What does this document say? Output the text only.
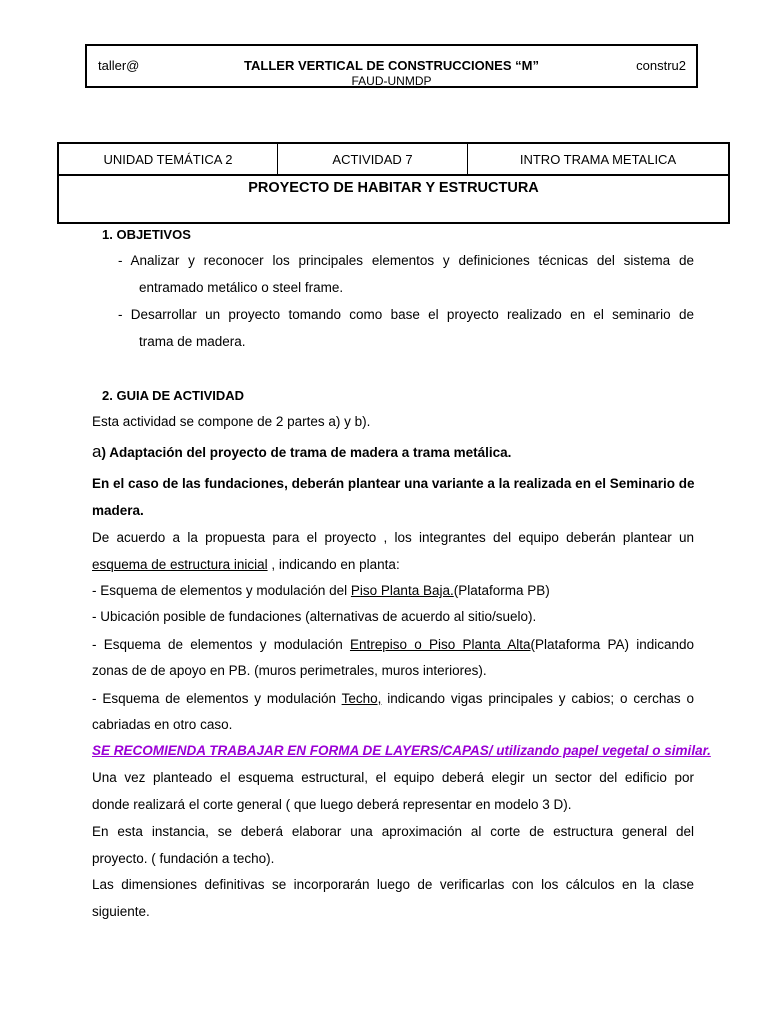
taller@	TALLER VERTICAL DE CONSTRUCCIONES “M”
FAUD-UNMDP
constru2
UNIDAD TEMÁTICA 2	ACTIVIDAD 7	INTRO TRAMA METALICA
PROYECTO DE HABITAR Y ESTRUCTURA
1. OBJETIVOS
- Analizar y reconocer los principales elementos y definiciones técnicas del sistema de
entramado metálico o steel frame.
- Desarrollar un proyecto tomando como base el proyecto realizado en el seminario de
trama de madera.
2. GUIA DE ACTIVIDAD
Esta actividad se compone de 2 partes a) y b).
a) Adaptación del proyecto de trama de madera a trama metálica.
En el caso de las fundaciones, deberán plantear una variante a la realizada en el Seminario de
madera.
De acuerdo a la propuesta para el proyecto , los integrantes del equipo deberán plantear un
esquema de estructura inicial , indicando en planta:
- Esquema de elementos y modulación del Piso Planta Baja.(Plataforma PB)
- Ubicación posible de fundaciones (alternativas de acuerdo al sitio/suelo).
- Esquema de elementos y modulación Entrepiso o Piso Planta Alta(Plataforma PA) indicando
zonas de de apoyo en PB. (muros perimetrales, muros interiores).
- Esquema de elementos y modulación Techo, indicando vigas principales y cabios; o cerchas o
cabriadas en otro caso.
SE RECOMIENDA TRABAJAR EN FORMA DE LAYERS/CAPAS/ utilizando papel vegetal o similar.
Una vez planteado el esquema estructural, el equipo deberá elegir un sector del edificio por
donde realizará el corte general ( que luego deberá representar en modelo 3 D).
En esta instancia, se deberá elaborar una aproximación al corte de estructura general del
proyecto. ( fundación a techo).
Las dimensiones definitivas se incorporarán luego de verificarlas con los cálculos en la clase
siguiente.
